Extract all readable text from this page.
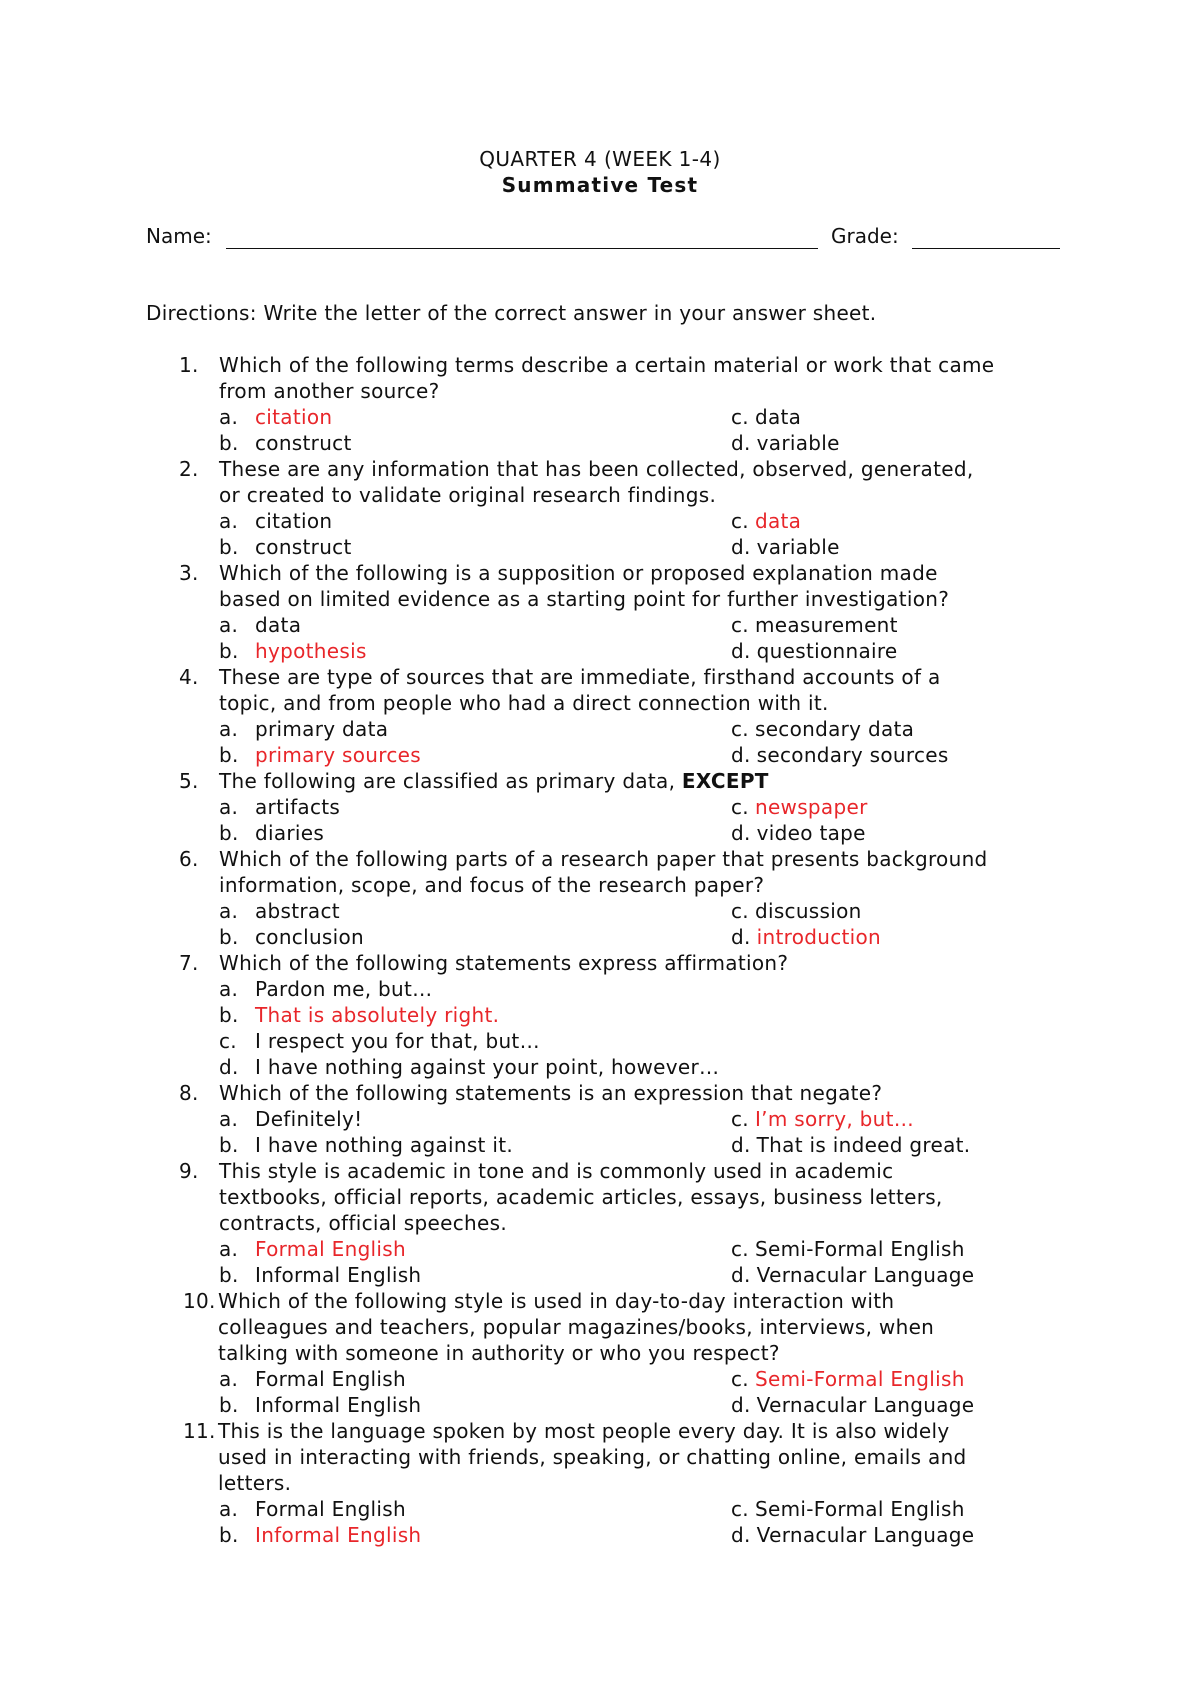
QUARTER 4 (WEEK 1-4)
Summative Test
Name:	Grade:
Directions: Write the letter of the correct answer in your answer sheet.
1.	Which of the following terms describe a certain material or work that came
from another source?
a. citation	c. data
b. construct	d. variable
2.	These are any information that has been collected, observed, generated,
or created to validate original research findings.
a. citation	c. data
b. construct	d. variable
3.	Which of the following is a supposition or proposed explanation made
based on limited evidence as a starting point for further investigation?
a. data	c. measurement
b. hypothesis	d. questionnaire
4.	These are type of sources that are immediate, firsthand accounts of a
topic, and from people who had a direct connection with it.
a. primary data	c. secondary data
b. primary sources	d. secondary sources
5.	The following are classified as primary data, EXCEPT
a. artifacts	c. newspaper
b. diaries	d. video tape
6.	Which of the following parts of a research paper that presents background
information, scope, and focus of the research paper?
a. abstract	c. discussion
b. conclusion	d. introduction
7.	Which of the following statements express affirmation?
a. Pardon me, but…
b. That is absolutely right.
c. I respect you for that, but…
d. I have nothing against your point, however…
8.	Which of the following statements is an expression that negate?
a. Definitely!	c. I’m sorry, but…
b. I have nothing against it.	d. That is indeed great.
9.	This style is academic in tone and is commonly used in academic
textbooks, official reports, academic articles, essays, business letters,
contracts, official speeches.
a. Formal English	c. Semi-Formal English
b. Informal English	d. Vernacular Language
10. Which of the following style is used in day-to-day interaction with
colleagues and teachers, popular magazines/books, interviews, when
talking with someone in authority or who you respect?
a. Formal English	c. Semi-Formal English
b. Informal English	d. Vernacular Language
11. This is the language spoken by most people every day. It is also widely
used in interacting with friends, speaking, or chatting online, emails and
letters.
a. Formal English	c. Semi-Formal English
b. Informal English	d. Vernacular Language
